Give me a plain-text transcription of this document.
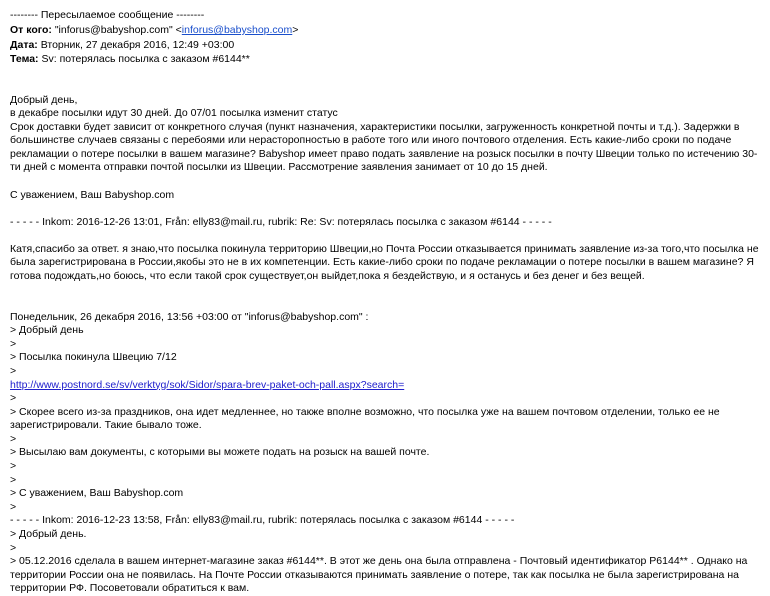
-------- Пересылаемое сообщение --------
От кого: "inforus@babyshop.com" <inforus@babyshop.com>
Дата: Вторник, 27 декабря 2016, 12:49 +03:00
Тема: Sv: потерялась посылка с заказом #6144**

Добрый день,
в декабре посылки идут 30 дней. До 07/01 посылка изменит статус
Срок доставки будет зависит от конкретного случая (пункт назначения, характеристики посылки, загруженность конкретной почты и т.д.). Задержки в большинстве случаев связаны с перебоями или нерасторопностью в работе того или иного почтового отделения. Есть какие-либо сроки по подаче рекламации о потере посылки в вашем магазине? Babyshop имеет право подать заявление на розыск посылки в почту Швеции только по истечению 30-ти дней с момента отправки почтой посылки из Швеции. Рассмотрение заявления занимает от 10 до 15 дней.

С уважением, Ваш Babyshop.com

- - - - - Inkom: 2016-12-26 13:01, Från: elly83@mail.ru, rubrik: Re: Sv: потерялась посылка с заказом #6144 - - - - -

Катя,спасибо за ответ. я знаю,что посылка покинула территорию Швеции,но Почта России отказывается принимать заявление из-за того,что посылка не была зарегистрирована в России,якобы это не в их компетенции. Есть какие-либо сроки по подаче рекламации о потере посылки в вашем магазине? Я готова подождать,но боюсь, что если такой срок существует,он выйдет,пока я бездействую, и я останусь и без денег и без вещей.

Понедельник, 26 декабря 2016, 13:56 +03:00 от "inforus@babyshop.com" :
> Добрый день
>
> Посылка покинула Швецию 7/12
>
http://www.postnord.se/sv/verktyg/sok/Sidor/spara-brev-paket-och-pall.aspx?search=
>
> Скорее всего из-за праздников, она идет медленнее, но также вполне возможно, что посылка уже на вашем почтовом отделении, только ее не зарегистрировали. Такие бывало тоже.
>
> Высылаю вам документы, с которыми вы можете подать на розыск на вашей почте.
>
>
> С уважением, Ваш Babyshop.com
>
- - - - - Inkom: 2016-12-23 13:58, Från: elly83@mail.ru, rubrik: потерялась посылка с заказом #6144 - - - - -
> Добрый день.
>
> 05.12.2016 сделала в вашем интернет-магазине заказ #6144**. В этот же день она была отправлена - Почтовый идентификатор Р6144** . Однако на территории России она не появилась. На Почте России отказываются принимать заявление о потере, так как посылка не была зарегистрирована на территории РФ. Посоветовали обратиться к вам.
